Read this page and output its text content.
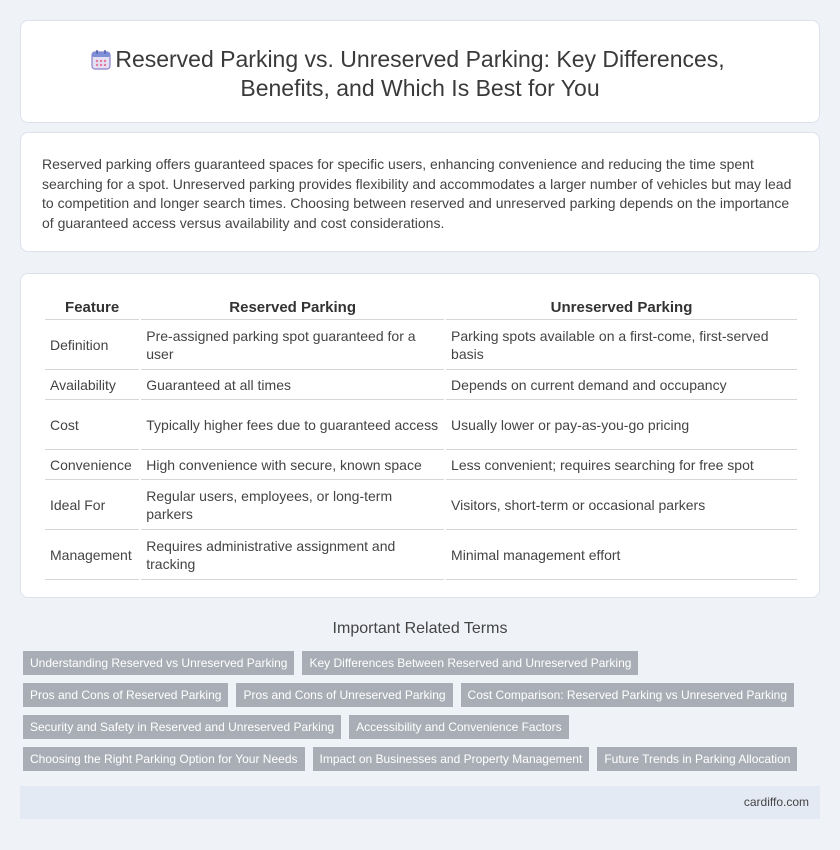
Reserved Parking vs. Unreserved Parking: Key Differences, Benefits, and Which Is Best for You

Reserved parking offers guaranteed spaces for specific users, enhancing convenience and reducing the time spent searching for a spot. Unreserved parking provides flexibility and accommodates a larger number of vehicles but may lead to competition and longer search times. Choosing between reserved and unreserved parking depends on the importance of guaranteed access versus availability and cost considerations.

Feature	Reserved Parking	Unreserved Parking
Definition	Pre-assigned parking spot guaranteed for a user	Parking spots available on a first-come, first-served basis
Availability	Guaranteed at all times	Depends on current demand and occupancy
Cost	Typically higher fees due to guaranteed access	Usually lower or pay-as-you-go pricing
Convenience	High convenience with secure, known space	Less convenient; requires searching for free spot
Ideal For	Regular users, employees, or long-term parkers	Visitors, short-term or occasional parkers
Management	Requires administrative assignment and tracking	Minimal management effort
Important Related Terms
Understanding Reserved vs Unreserved Parking	Key Differences Between Reserved and Unreserved Parking
Pros and Cons of Reserved Parking	Pros and Cons of Unreserved Parking	Cost Comparison: Reserved Parking vs Unreserved Parking
Security and Safety in Reserved and Unreserved Parking	Accessibility and Convenience Factors
Choosing the Right Parking Option for Your Needs	Impact on Businesses and Property Management	Future Trends in Parking Allocation
cardiffo.com
